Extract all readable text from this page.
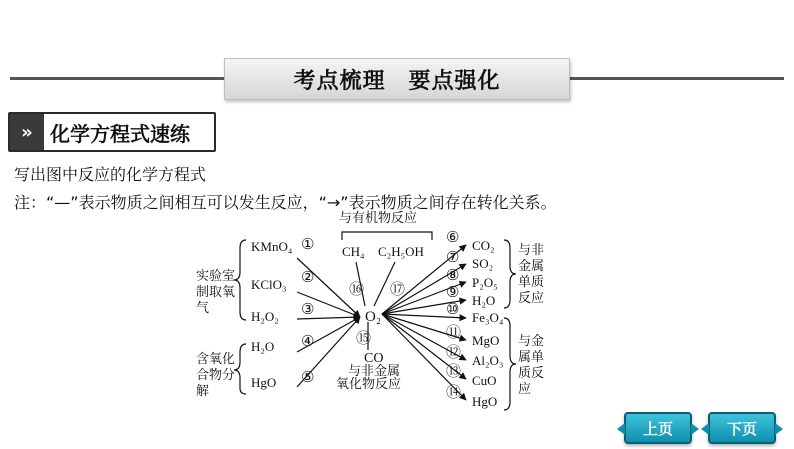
考点梳理　要点强化
» 化学方程式速练
写出图中反应的化学方程式
注：“—”表示物质之间相互可以发生反应，“→”表示物质之间存在转化关系。
O₂
实验室
制取氧
气
含氧化
合物分
解
与有机物反应
CO
与非金属
氧化物反应
与非
金属
单质
反应
与金
属单
质反
应
KMnO₄ ①
KClO₃ ②
H₂O₂ ③
H₂O ④
HgO ⑤
CH₄
⑯
C₂H₅OH
⑰
⑮
⑥ CO₂
⑦ SO₂
⑧ P₂O₅
⑨ H₂O
⑩ Fe₃O₄
⑪ MgO
⑫ Al₂O₃
⑬
CuO
⑭
HgO
上页	下页
